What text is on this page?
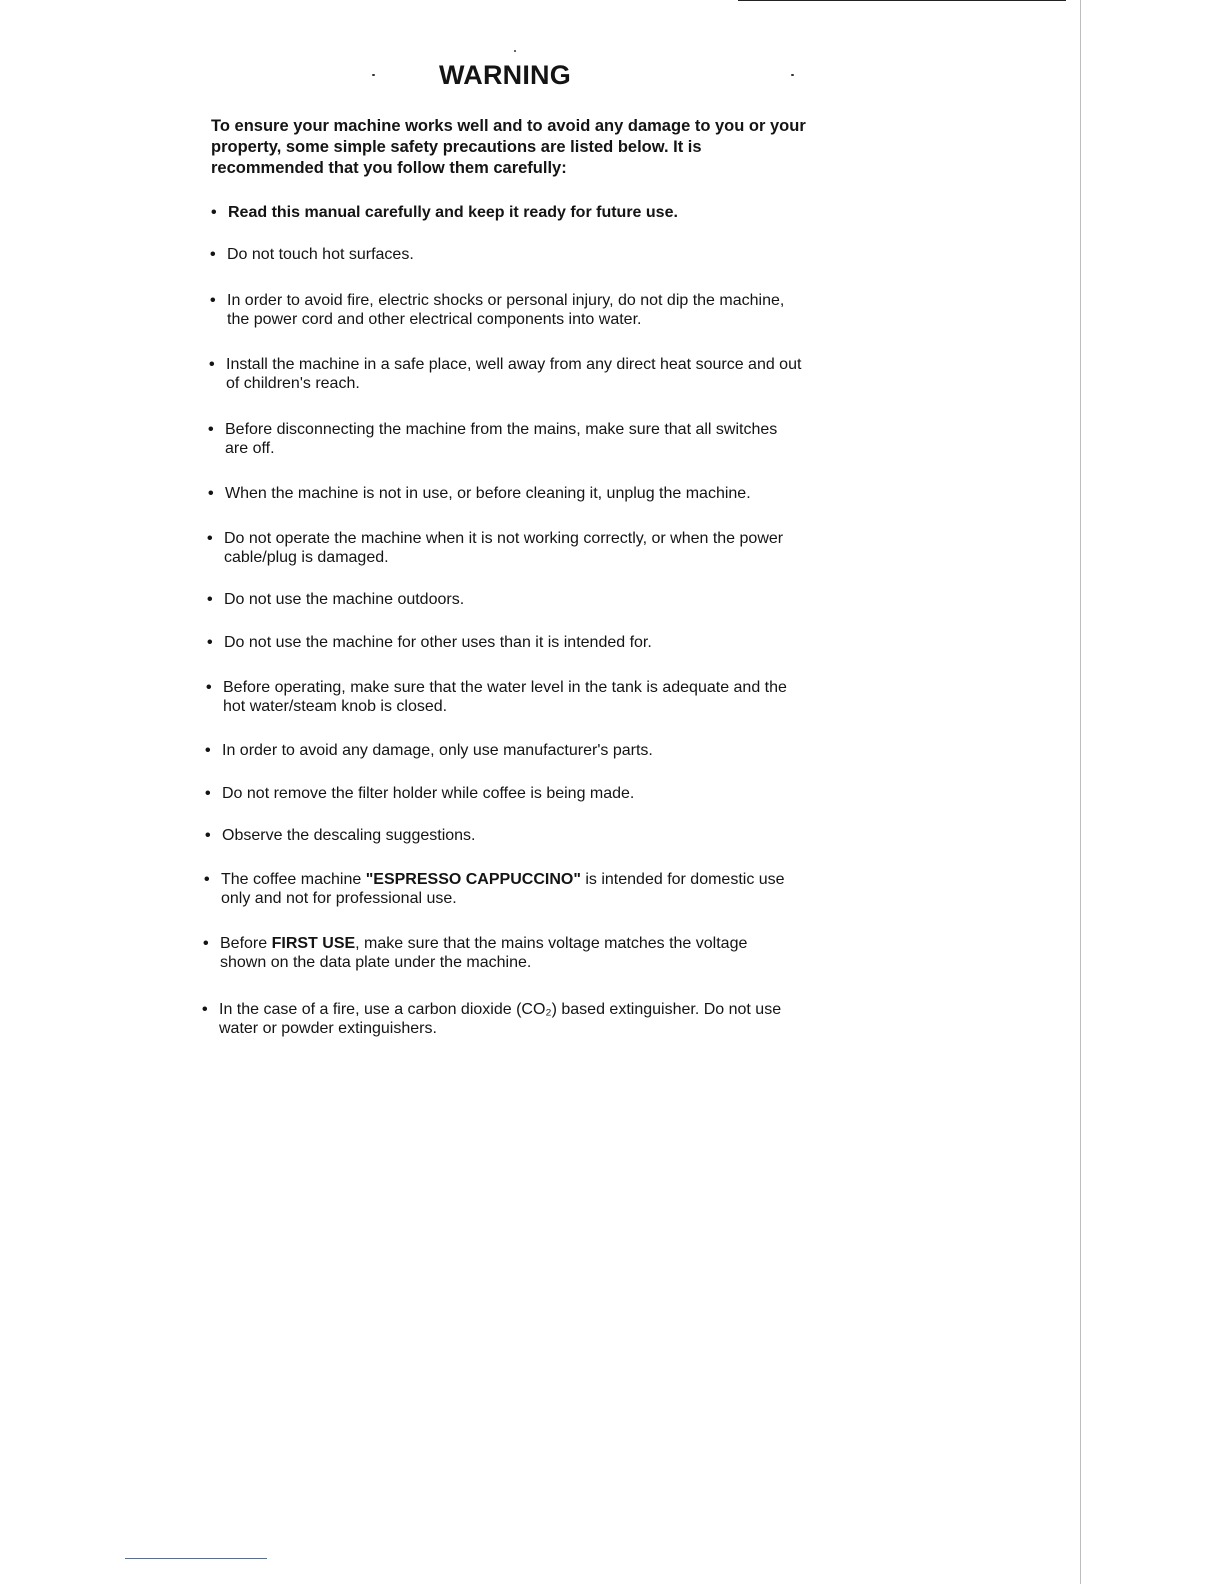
WARNING

To ensure your machine works well and to avoid any damage to you or your property, some simple safety precautions are listed below. It is recommended that you follow them carefully:

• Read this manual carefully and keep it ready for future use.
• Do not touch hot surfaces.
• In order to avoid fire, electric shocks or personal injury, do not dip the machine, the power cord and other electrical components into water.
• Install the machine in a safe place, well away from any direct heat source and out of children's reach.
• Before disconnecting the machine from the mains, make sure that all switches are off.
• When the machine is not in use, or before cleaning it, unplug the machine.
• Do not operate the machine when it is not working correctly, or when the power cable/plug is damaged.
• Do not use the machine outdoors.
• Do not use the machine for other uses than it is intended for.
• Before operating, make sure that the water level in the tank is adequate and the hot water/steam knob is closed.
• In order to avoid any damage, only use manufacturer's parts.
• Do not remove the filter holder while coffee is being made.
• Observe the descaling suggestions.
• The coffee machine "ESPRESSO CAPPUCCINO" is intended for domestic use only and not for professional use.
• Before FIRST USE, make sure that the mains voltage matches the voltage shown on the data plate under the machine.
• In the case of a fire, use a carbon dioxide (CO₂) based extinguisher. Do not use water or powder extinguishers.
